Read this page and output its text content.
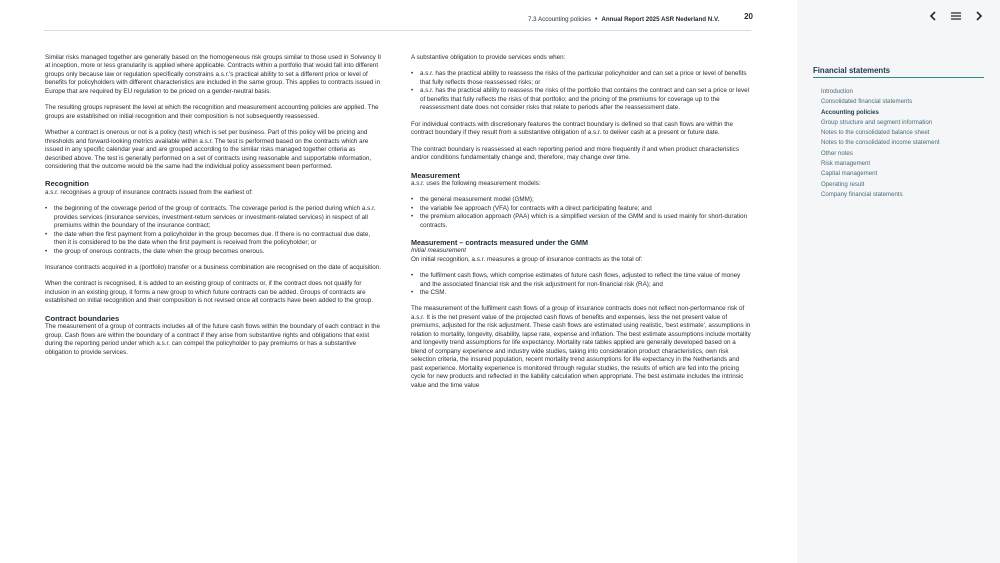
7.3 Accounting policies • Annual Report 2025 ASR Nederland N.V.	20

Similar risks managed together are generally based on the homogeneous risk groups similar to those used in Solvency II at inception, more or less granularity is applied where applicable. Contracts within a portfolio that would fall into different groups only because law or regulation specifically constrains a.s.r.'s practical ability to set a different price or level of benefits for policyholders with different characteristics are included in the same group. This applies to contracts issued in Europe that are required by EU regulation to be priced on a gender-neutral basis.

The resulting groups represent the level at which the recognition and measurement accounting policies are applied. The groups are established on initial recognition and their composition is not subsequently reassessed.

Whether a contract is onerous or not is a policy (test) which is set per business. Part of this policy will be pricing and thresholds and forward-looking metrics available within a.s.r. The test is performed based on the contracts which are issued in any specific calendar year and are grouped according to the similar risks managed together criteria as described above. The test is generally performed on a set of contracts using reasonable and supportable information, considering that the outcome would be the same had the individual policy assessment been performed.

Recognition

a.s.r. recognises a group of insurance contracts issued from the earliest of:

• the beginning of the coverage period of the group of contracts. The coverage period is the period during which a.s.r. provides services (insurance services, investment-return services or investment-related services) in respect of all premiums within the boundary of the insurance contract;
• the date when the first payment from a policyholder in the group becomes due. If there is no contractual due date, then it is considered to be the date when the first payment is received from the policyholder; or
• the group of onerous contracts, the date when the group becomes onerous.

Insurance contracts acquired in a (portfolio) transfer or a business combination are recognised on the date of acquisition.

When the contract is recognised, it is added to an existing group of contracts or, if the contract does not qualify for inclusion in an existing group, it forms a new group to which future contracts can be added. Groups of contracts are established on initial recognition and their composition is not revised once all contracts have been added to the group.

Contract boundaries

The measurement of a group of contracts includes all of the future cash flows within the boundary of each contract in the group. Cash flows are within the boundary of a contract if they arise from substantive rights and obligations that exist during the reporting period under which a.s.r. can compel the policyholder to pay premiums or has a substantive obligation to provide services.

A substantive obligation to provide services ends when:

• a.s.r. has the practical ability to reassess the risks of the particular policyholder and can set a price or level of benefits that fully reflects those reassessed risks; or
• a.s.r. has the practical ability to reassess the risks of the portfolio that contains the contract and can set a price or level of benefits that fully reflects the risks of that portfolio; and the pricing of the premiums for coverage up to the reassessment date does not consider risks that relate to periods after the reassessment date.

For individual contracts with discretionary features the contract boundary is defined so that cash flows are within the contract boundary if they result from a substantive obligation of a.s.r. to deliver cash at a present or future date.

The contract boundary is reassessed at each reporting period and more frequently if and when product characteristics and/or conditions fundamentally change and, therefore, may change over time.

Measurement

a.s.r. uses the following measurement models:

• the general measurement model (GMM);
• the variable fee approach (VFA) for contracts with a direct participating feature; and
• the premium allocation approach (PAA) which is a simplified version of the GMM and is used mainly for short-duration contracts.
Measurement – contracts measured under the GMM
Initial measurement

On initial recognition, a.s.r. measures a group of insurance contracts as the total of:

• the fulfilment cash flows, which comprise estimates of future cash flows, adjusted to reflect the time value of money and the associated financial risk and the risk adjustment for non-financial risk (RA); and
• the CSM.

The measurement of the fulfilment cash flows of a group of insurance contracts does not reflect non-performance risk of a.s.r. It is the net present value of the projected cash flows of benefits and expenses, less the net present value of premiums, adjusted for the risk adjustment. These cash flows are estimated using realistic, 'best estimate', assumptions in relation to mortality, longevity, disability, lapse rate, expense and inflation. The best estimate assumptions include mortality and longevity trend assumptions for life expectancy. Mortality rate tables applied are generally developed based on a blend of company experience and industry wide studies, taking into consideration product characteristics, own risk selection criteria, the insured population, recent mortality trend assumptions for life expectancy in the Netherlands and past experience. Mortality experience is monitored through regular studies, the results of which are fed into the pricing cycle for new products and reflected in the liability calculation when appropriate. The best estimate includes the intrinsic value and the time value

Financial statements
Introduction
Consolidated financial statements
Accounting policies
Group structure and segment information
Notes to the consolidated balance sheet
Notes to the consolidated income statement
Other notes
Risk management
Capital management
Operating result
Company financial statements
